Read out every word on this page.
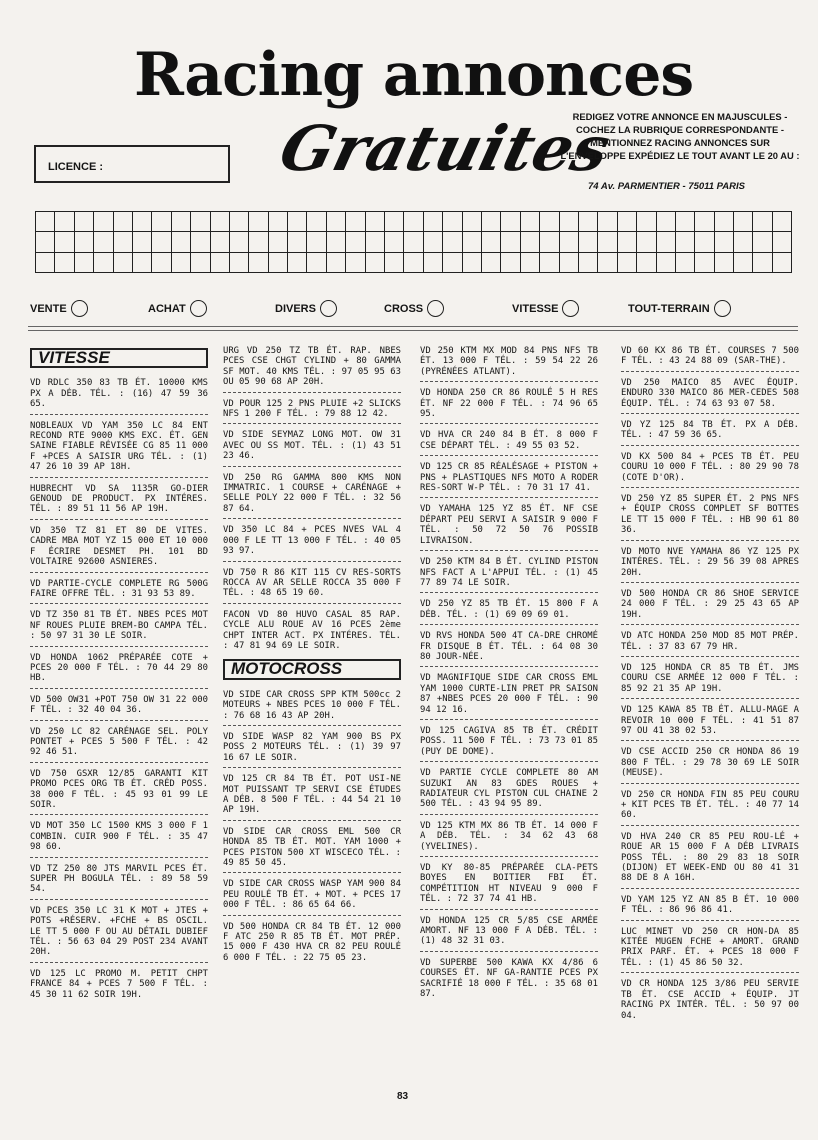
Racing annonces
Gratuites
LICENCE :
REDIGEZ VOTRE ANNONCE EN MAJUSCULES - COCHEZ LA RUBRIQUE CORRESPONDANTE - MENTIONNEZ RACING ANNONCES SUR L'ENVELOPPE EXPÉDIEZ LE TOUT AVANT LE 20 AU :
74 Av. PARMENTIER - 75011 PARIS

VENTE	ACHAT	DIVERS	CROSS	VITESSE	TOUT-TERRAIN
VITESSE
VD RDLC 350 83 TB ÉT. 10000 KMS PX A DÉB. TÉL. : (16) 47 59 36 65.
NOBLEAUX VD YAM 350 LC 84 ENT RECOND RTE 9000 KMS EXC. ÉT. GEN SAINE FIABLE RÉVISÉE CG 85 11 000 F +PCES A SAISIR URG TÉL. : (1) 47 26 10 39 AP 18H.
HUBRECHT VD SA 1135R GO-DIER GENOUD DE PRODUCT. PX INTÉRES. TÉL. : 89 51 11 56 AP 19H.
VD 350 TZ 81 ET 80 DE VITES. CADRE MBA MOT YZ 15 000 ET 10 000 F ÉCRIRE DESMET PH. 101 BD VOLTAIRE 92600 ASNIERES.
VD PARTIE-CYCLE COMPLETE RG 500G FAIRE OFFRE TÉL. : 31 93 53 89.
VD TZ 350 81 TB ÉT. NBES PCES MOT NF ROUES PLUIE BREM-BO CAMPA TÉL. : 50 97 31 30 LE SOIR.
VD HONDA 1062 PRÉPARÉE COTE + PCES 20 000 F TÉL. : 70 44 29 80 HB.
VD 500 OW31 +POT 750 OW 31 22 000 F TÉL. : 32 40 04 36.
VD 250 LC 82 CARÉNAGE SEL. POLY PONTET + PCES 5 500 F TÉL. : 42 92 46 51.
VD 750 GSXR 12/85 GARANTI KIT PROMO PCES ORG TB ÉT. CRÉD POSS. 38 000 F TÉL. : 45 93 01 99 LE SOIR.
VD MOT 350 LC 1500 KMS 3 000 F 1 COMBIN. CUIR 900 F TÉL. : 35 47 98 60.
VD TZ 250 80 JTS MARVIL PCES ÉT. SUPER PH BOGULA TÉL. : 89 58 59 54.
VD PCES 350 LC 31 K MOT + JTES + POTS +RÉSERV. +FCHE + BS OSCIL. LE TT 5 000 F OU AU DÉTAIL DUBIEF TÉL. : 56 63 04 29 POST 234 AVANT 20H.
VD 125 LC PROMO M. PETIT CHPT FRANCE 84 + PCES 7 500 F TÉL. : 45 30 11 62 SOIR 19H.
URG VD 250 TZ TB ÉT. RAP. NBES PCES CSE CHGT CYLIND + 80 GAMMA SF MOT. 40 KMS TÉL. : 97 05 95 63 OU 05 90 68 AP 20H.
VD POUR 125 2 PNS PLUIE +2 SLICKS NFS 1 200 F TÉL. : 79 88 12 42.
VD SIDE SEYMAZ LONG MOT. OW 31 AVEC OU SS MOT. TÉL. : (1) 43 51 23 46.
VD 250 RG GAMMA 800 KMS NON IMMATRIC. 1 COURSE + CARÉNAGE + SELLE POLY 22 000 F TÉL. : 32 56 87 64.
VD 350 LC 84 + PCES NVES VAL 4 000 F LE TT 13 000 F TÉL. : 40 05 93 97.
VD 750 R 86 KIT 115 CV RES-SORTS ROCCA AV AR SELLE ROCCA 35 000 F TÉL. : 48 65 19 60.
FACON VD 80 HUVO CASAL 85 RAP. CYCLE ALU ROUE AV 16 PCES 2ème CHPT INTER ACT. PX INTÉRES. TÉL. : 47 81 94 69 LE SOIR.
MOTOCROSS
VD SIDE CAR CROSS SPP KTM 500cc 2 MOTEURS + NBES PCES 10 000 F TÉL. : 76 68 16 43 AP 20H.
VD SIDE WASP 82 YAM 900 BS PX POSS 2 MOTEURS TÉL. : (1) 39 97 16 67 LE SOIR.
VD 125 CR 84 TB ÉT. POT USI-NE MOT PUISSANT TP SERVI CSE ÉTUDES A DÉB. 8 500 F TÉL. : 44 54 21 10 AP 19H.
VD SIDE CAR CROSS EML 500 CR HONDA 85 TB ÉT. MOT. YAM 1000 + PCES PISTON 500 XT WISCECO TÉL. : 49 85 50 45.
VD SIDE CAR CROSS WASP YAM 900 84 PEU ROULÉ TB ÉT. + MOT. + PCES 17 000 F TÉL. : 86 65 64 66.
VD 500 HONDA CR 84 TB ÉT. 12 000 F ATC 250 R 85 TB ÉT. MOT PRÉP. 15 000 F 430 HVA CR 82 PEU ROULÉ 6 000 F TÉL. : 22 75 05 23.
VD 250 KTM MX MOD 84 PNS NFS TB ÉT. 13 000 F TÉL. : 59 54 22 26 (PYRÉNÉES ATLANT).
VD HONDA 250 CR 86 ROULÉ 5 H RES ÉT. NF 22 000 F TÉL. : 74 96 65 95.
VD HVA CR 240 84 B ÉT. 8 000 F CSE DÉPART TÉL. : 49 55 03 52.
VD 125 CR 85 RÉALÉSAGE + PISTON + PNS + PLASTIQUES NFS MOTO A RODER RES-SORT W-P TÉL. : 70 31 17 41.
VD YAMAHA 125 YZ 85 ÉT. NF CSE DÉPART PEU SERVI A SAISIR 9 000 F TÉL. : 50 72 50 76 POSSIB LIVRAISON.
VD 250 KTM 84 B ÉT. CYLIND PISTON NFS FACT A L'APPUI TÉL. : (1) 45 77 89 74 LE SOIR.
VD 250 YZ 85 TB ÉT. 15 800 F A DÉB. TÉL. : (1) 69 09 69 01.
VD RVS HONDA 500 4T CA-DRE CHROMÉ FR DISQUE B ÉT. TÉL. : 64 08 30 80 JOUR-NÉE.
VD MAGNIFIQUE SIDE CAR CROSS EML YAM 1000 CURTE-LIN PRET PR SAISON 87 +NBES PCES 20 000 F TÉL. : 90 94 12 16.
VD 125 CAGIVA 85 TB ÉT. CRÉDIT POSS. 11 500 F TÉL. : 73 73 01 85 (PUY DE DOME).
VD PARTIE CYCLE COMPLETE 80 AM SUZUKI AN 83 GDES ROUES + RADIATEUR CYL PISTON CUL CHAINE 2 500 TÉL. : 43 94 95 89.
VD 125 KTM MX 86 TB ÉT. 14 000 F A DÉB. TÉL. : 34 62 43 68 (YVELINES).
VD KY 80-85 PRÉPARÉE CLA-PETS BOYES EN BOITIER FBI ÉT. COMPÉTITION HT NIVEAU 9 000 F TÉL. : 72 37 74 41 HB.
VD HONDA 125 CR 5/85 CSE ARMÉE AMORT. NF 13 000 F A DÉB. TÉL. : (1) 48 32 31 03.
VD SUPERBE 500 KAWA KX 4/86 6 COURSES ÉT. NF GA-RANTIE PCES PX SACRIFIÉ 18 000 F TÉL. : 35 68 01 87.
VD 60 KX 86 TB ÉT. COURSES 7 500 F TÉL. : 43 24 88 09 (SAR-THE).
VD 250 MAICO 85 AVEC ÉQUIP. ENDURO 330 MAICO 86 MER-CEDES 508 ÉQUIP. TÉL. : 74 63 93 07 58.
VD YZ 125 84 TB ÉT. PX A DÉB. TÉL. : 47 59 36 65.
VD KX 500 84 + PCES TB ÉT. PEU COURU 10 000 F TÉL. : 80 29 90 78 (COTE D'OR).
VD 250 YZ 85 SUPER ÉT. 2 PNS NFS + ÉQUIP CROSS COMPLET SF BOTTES LE TT 15 000 F TÉL. : HB 90 61 80 36.
VD MOTO NVE YAMAHA 86 YZ 125 PX INTÉRES. TÉL. : 29 56 39 08 APRES 20H.
VD 500 HONDA CR 86 SHOE SERVICE 24 000 F TÉL. : 29 25 43 65 AP 19H.
VD ATC HONDA 250 MOD 85 MOT PRÉP. TÉL. : 37 83 67 79 HR.
VD 125 HONDA CR 85 TB ÉT. JMS COURU CSE ARMÉE 12 000 F TÉL. : 85 92 21 35 AP 19H.
VD 125 KAWA 85 TB ÉT. ALLU-MAGE A REVOIR 10 000 F TÉL. : 41 51 87 97 OU 41 38 02 53.
VD CSE ACCID 250 CR HONDA 86 19 800 F TÉL. : 29 78 30 69 LE SOIR (MEUSE).
VD 250 CR HONDA FIN 85 PEU COURU + KIT PCES TB ÉT. TÉL. : 40 77 14 60.
VD HVA 240 CR 85 PEU ROU-LÉ + ROUE AR 15 000 F A DÉB LIVRAIS POSS TÉL. : 80 29 83 18 SOIR (DIJON) ET WEEK-END OU 80 41 31 88 DE 8 A 16H.
VD YAM 125 YZ AN 85 B ÉT. 10 000 F TÉL. : 86 96 86 41.
LUC MINET VD 250 CR HON-DA 85 KITÉE MUGEN FCHE + AMORT. GRAND PRIX PARF. ÉT. + PCES 18 000 F TÉL. : (1) 45 86 50 32.
VD CR HONDA 125 3/86 PEU SERVIE TB ÉT. CSE ACCID + ÉQUIP. JT RACING PX INTÉR. TÉL. : 50 97 00 04.
83
